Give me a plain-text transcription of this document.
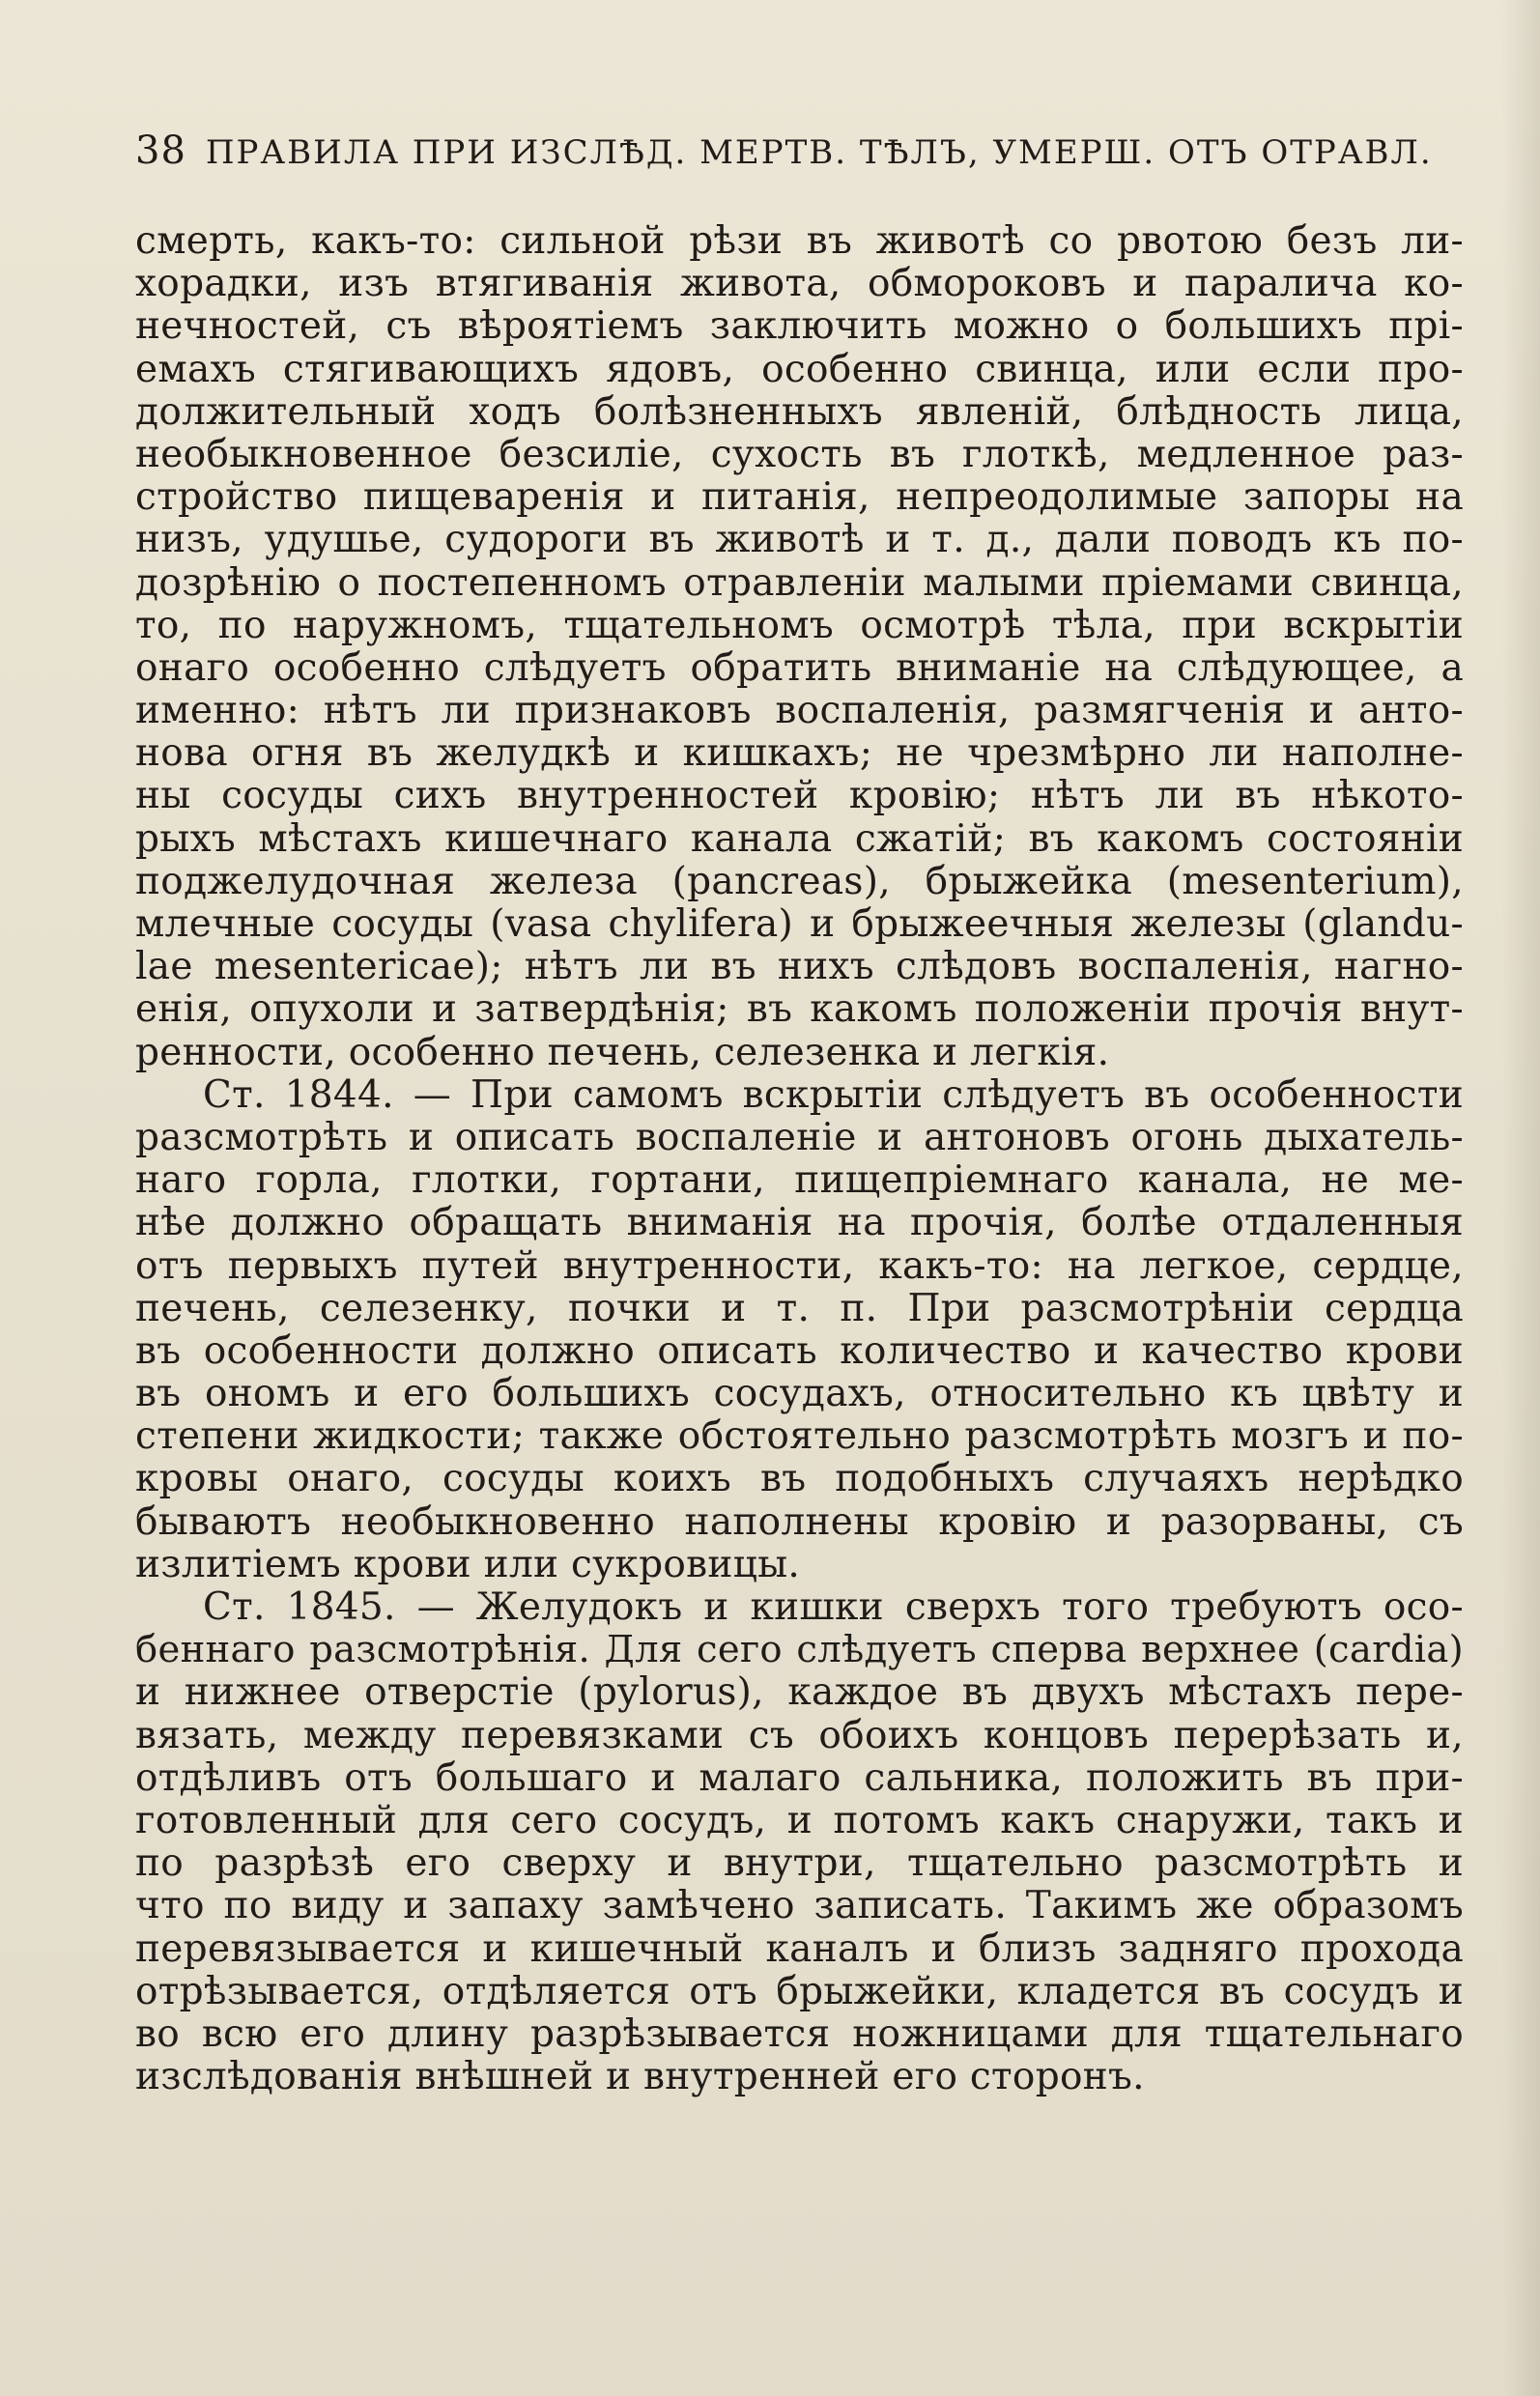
38 ПРАВИЛА ПРИ ИЗСЛѢД. МЕРТВ. ТѢЛЪ, УМЕРШ. ОТЪ ОТРАВЛ.
смерть, какъ-то: сильной рѣзи въ животѣ со рвотою безъ ли-
хорадки, изъ втягиванія живота, обмороковъ и паралича ко-
нечностей, съ вѣроятіемъ заключить можно о большихъ прі-
емахъ стягивающихъ ядовъ, особенно свинца, или если про-
должительный ходъ болѣзненныхъ явленій, блѣдность лица,
необыкновенное безсиліе, сухость въ глоткѣ, медленное раз-
стройство пищеваренія и питанія, непреодолимые запоры на
низъ, удушье, судороги въ животѣ и т. д., дали поводъ къ по-
дозрѣнію о постепенномъ отравленіи малыми пріемами свинца,
то, по наружномъ, тщательномъ осмотрѣ тѣла, при вскрытіи
онаго особенно слѣдуетъ обратить вниманіе на слѣдующее, а
именно: нѣтъ ли признаковъ воспаленія, размягченія и анто-
нова огня въ желудкѣ и кишкахъ; не чрезмѣрно ли наполне-
ны сосуды сихъ внутренностей кровію; нѣтъ ли въ нѣкото-
рыхъ мѣстахъ кишечнаго канала сжатій; въ какомъ состояніи
поджелудочная железа (pancreas), брыжейка (mesenterium),
млечные сосуды (vasa chylifera) и брыжеечныя железы (glandu-
lae mesentericae); нѣтъ ли въ нихъ слѣдовъ воспаленія, нагно-
енія, опухоли и затвердѣнія; въ какомъ положеніи прочія внут-
ренности, особенно печень, селезенка и легкія.
Ст. 1844. — При самомъ вскрытіи слѣдуетъ въ особенности
разсмотрѣть и описать воспаленіе и антоновъ огонь дыхатель-
наго горла, глотки, гортани, пищепріемнаго канала, не ме-
нѣе должно обращать вниманія на прочія, болѣе отдаленныя
отъ первыхъ путей внутренности, какъ-то: на легкое, сердце,
печень, селезенку, почки и т. п. При разсмотрѣніи сердца
въ особенности должно описать количество и качество крови
въ ономъ и его большихъ сосудахъ, относительно къ цвѣту и
степени жидкости; также обстоятельно разсмотрѣть мозгъ и по-
кровы онаго, сосуды коихъ въ подобныхъ случаяхъ нерѣдко
бываютъ необыкновенно наполнены кровію и разорваны, съ
излитіемъ крови или сукровицы.
Ст. 1845. — Желудокъ и кишки сверхъ того требуютъ осо-
беннаго разсмотрѣнія. Для сего слѣдуетъ сперва верхнее (cardia)
и нижнее отверстіе (pylorus), каждое въ двухъ мѣстахъ пере-
вязать, между перевязками съ обоихъ концовъ перерѣзать и,
отдѣливъ отъ большаго и малаго сальника, положить въ при-
готовленный для сего сосудъ, и потомъ какъ снаружи, такъ и
по разрѣзѣ его сверху и внутри, тщательно разсмотрѣть и
что по виду и запаху замѣчено записать. Такимъ же образомъ
перевязывается и кишечный каналъ и близъ задняго прохода
отрѣзывается, отдѣляется отъ брыжейки, кладется въ сосудъ и
во всю его длину разрѣзывается ножницами для тщательнаго
изслѣдованія внѣшней и внутренней его сторонъ.
